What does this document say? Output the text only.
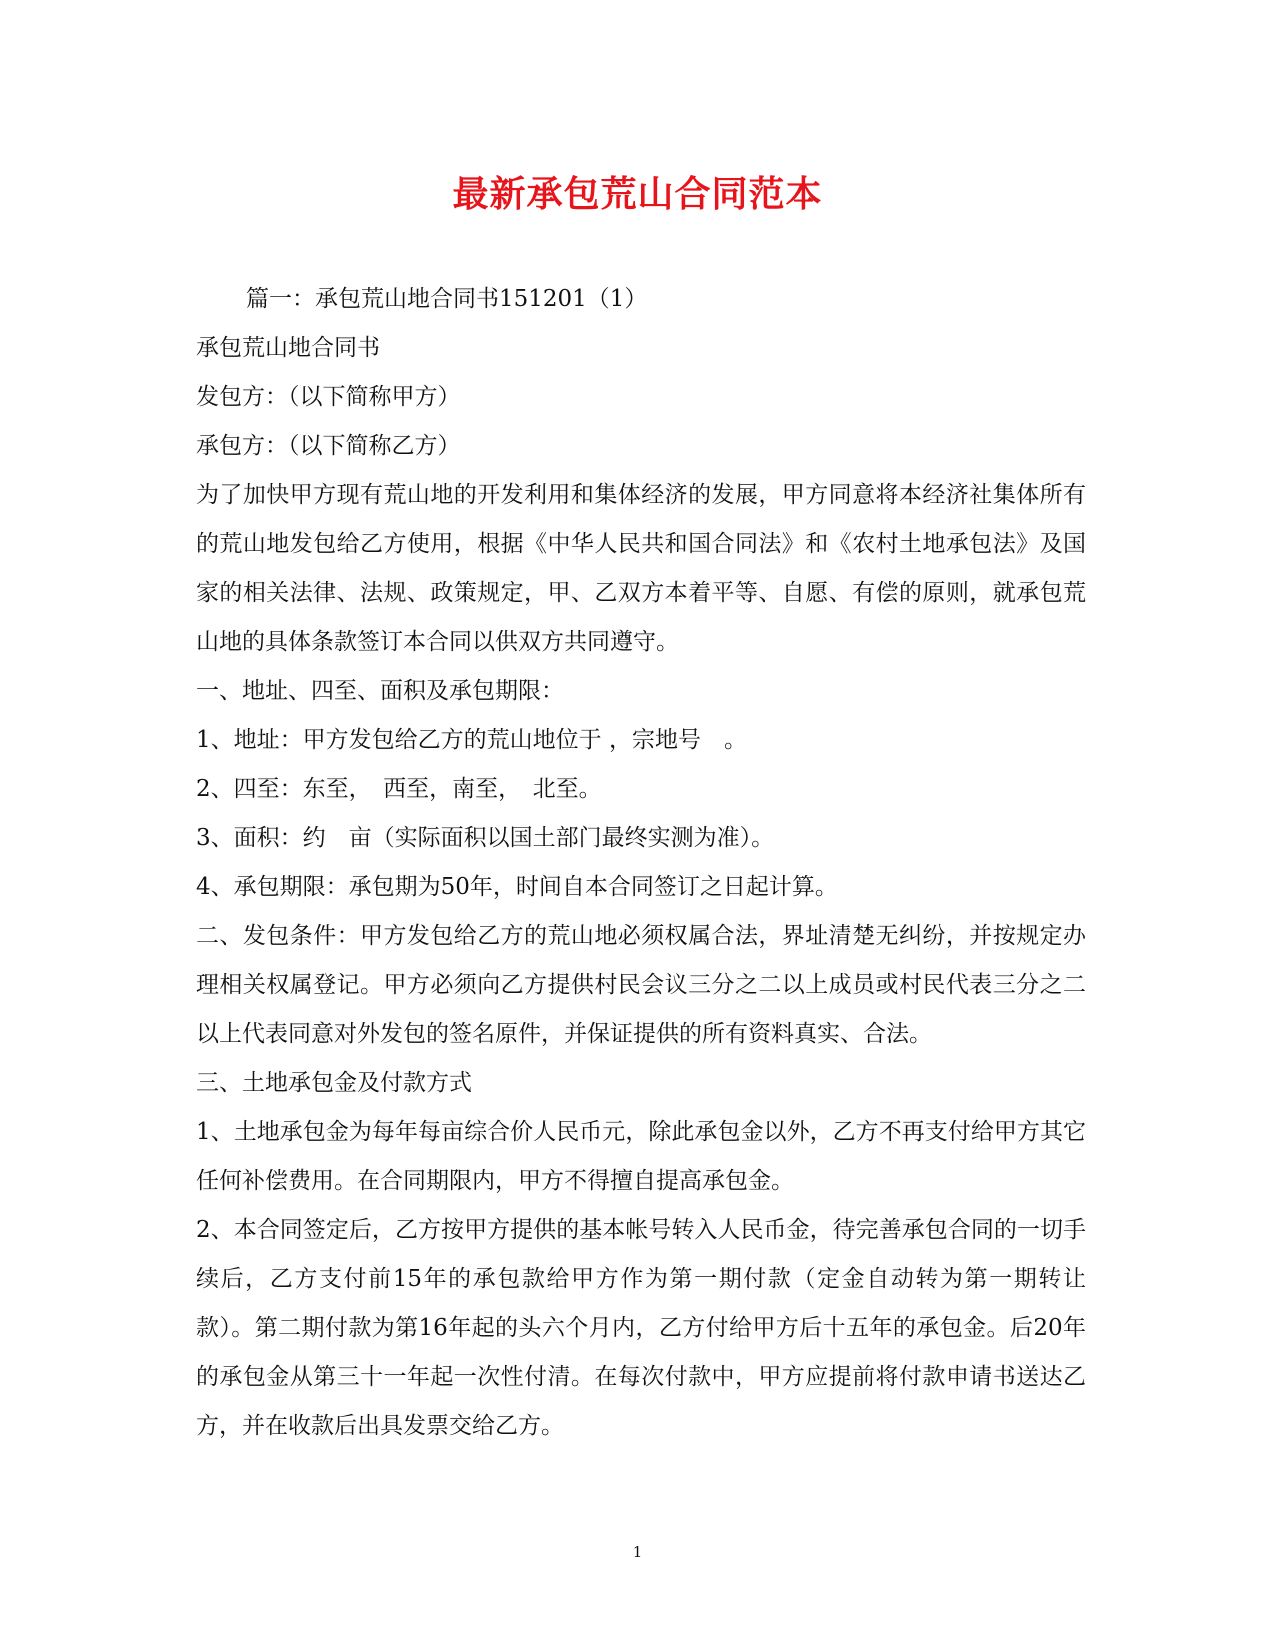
最新承包荒山合同范本

篇一：承包荒山地合同书151201（1）

承包荒山地合同书

发包方：（以下简称甲方）

承包方：（以下简称乙方）

为了加快甲方现有荒山地的开发利用和集体经济的发展，甲方同意将本经济社集体所有的荒山地发包给乙方使用，根据《中华人民共和国合同法》和《农村土地承包法》及国家的相关法律、法规、政策规定，甲、乙双方本着平等、自愿、有偿的原则，就承包荒山地的具体条款签订本合同以供双方共同遵守。

一、地址、四至、面积及承包期限：

1、地址：甲方发包给乙方的荒山地位于 ，宗地号　。

2、四至：东至，　西至，南至，　北至。

3、面积：约　亩（实际面积以国土部门最终实测为准）。

4、承包期限：承包期为50年，时间自本合同签订之日起计算。

二、发包条件：甲方发包给乙方的荒山地必须权属合法，界址清楚无纠纷，并按规定办理相关权属登记。甲方必须向乙方提供村民会议三分之二以上成员或村民代表三分之二以上代表同意对外发包的签名原件，并保证提供的所有资料真实、合法。

三、土地承包金及付款方式

1、土地承包金为每年每亩综合价人民币元，除此承包金以外，乙方不再支付给甲方其它任何补偿费用。在合同期限内，甲方不得擅自提高承包金。

2、本合同签定后，乙方按甲方提供的基本帐号转入人民币金，待完善承包合同的一切手续后，乙方支付前15年的承包款给甲方作为第一期付款（定金自动转为第一期转让款）。第二期付款为第16年起的头六个月内，乙方付给甲方后十五年的承包金。后20年的承包金从第三十一年起一次性付清。在每次付款中，甲方应提前将付款申请书送达乙方，并在收款后出具发票交给乙方。

1
